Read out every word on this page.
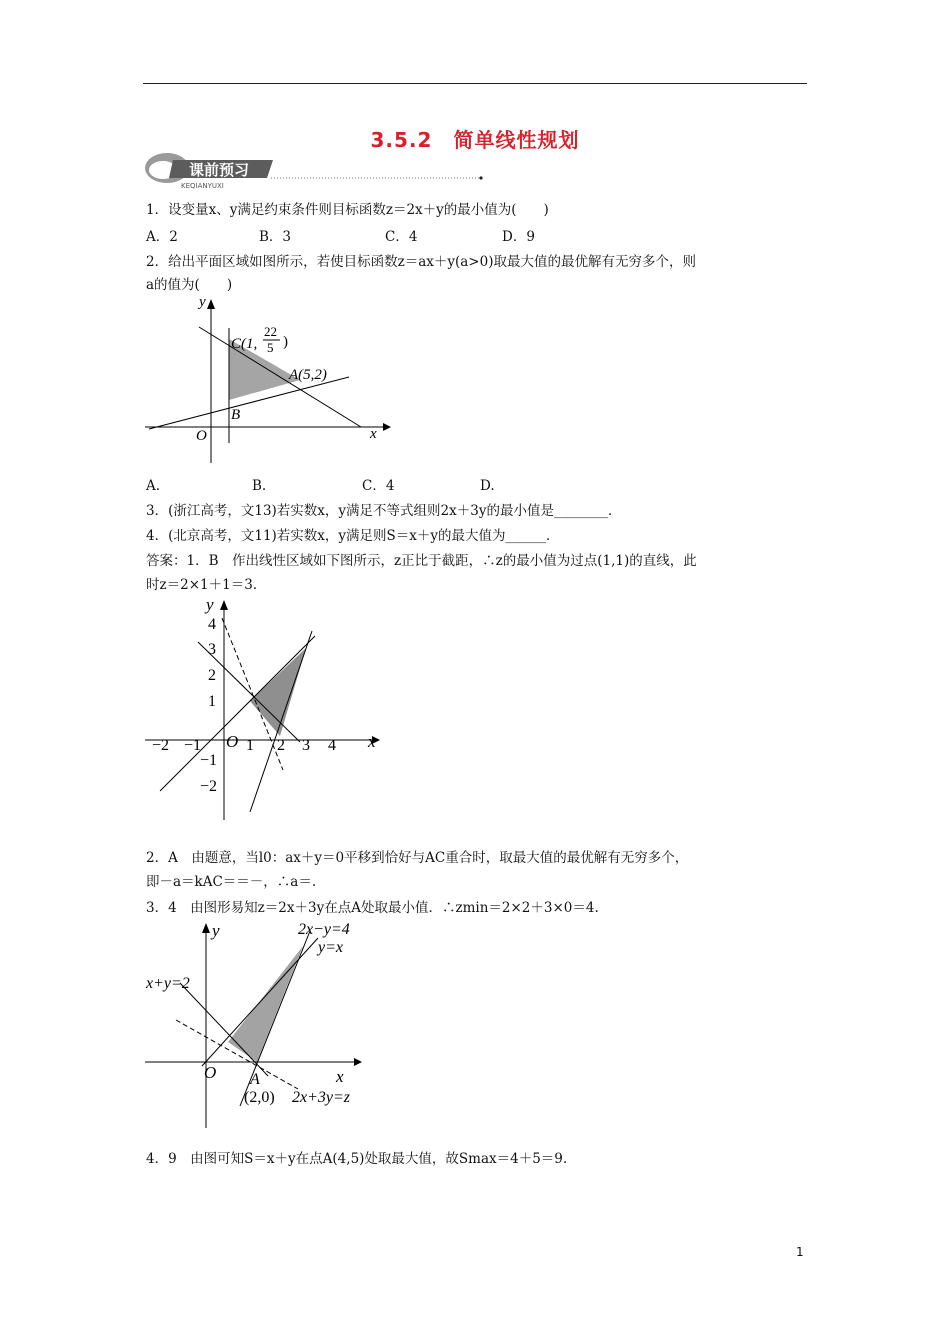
3.5.2　简单线性规划
课前预习
KEQIANYUXI
1．设变量x、y满足约束条件则目标函数z＝2x＋y的最小值为(　　)
A．2	B．3	C．4	D．9
2．给出平面区域如图所示，若使目标函数z＝ax＋y(a>0)取最大值的最优解有无穷多个，则
a的值为(　　)
x
y
O
C(1,
22
5 )
A(5,2)
B
A.	B.	C．4	D.
3．(浙江高考，文13)若实数x，y满足不等式组则2x＋3y的最小值是________．
4．(北京高考，文11)若实数x，y满足则S＝x＋y的最大值为______．
答案：1．B　作出线性区域如下图所示，z正比于截距，∴z的最小值为过点(1,1)的直线，此
时z＝2×1＋1＝3.
x
y
O
−2 −1	1 2 3 4
4
3
2
1
−1
−2
2．A　由题意，当l0：ax＋y＝0平移到恰好与AC重合时，取最大值的最优解有无穷多个，
即－a＝kAC＝＝－，∴a＝.
3．4　由图形易知z＝2x＋3y在点A处取最小值．∴zmin＝2×2＋3×0＝4.
x
y
O
2x−y=4
y=x
x+y=2
2x+3y=z
A
(2,0)
4．9　由图可知S＝x＋y在点A(4,5)处取最大值，故Smax＝4＋5＝9.
1
